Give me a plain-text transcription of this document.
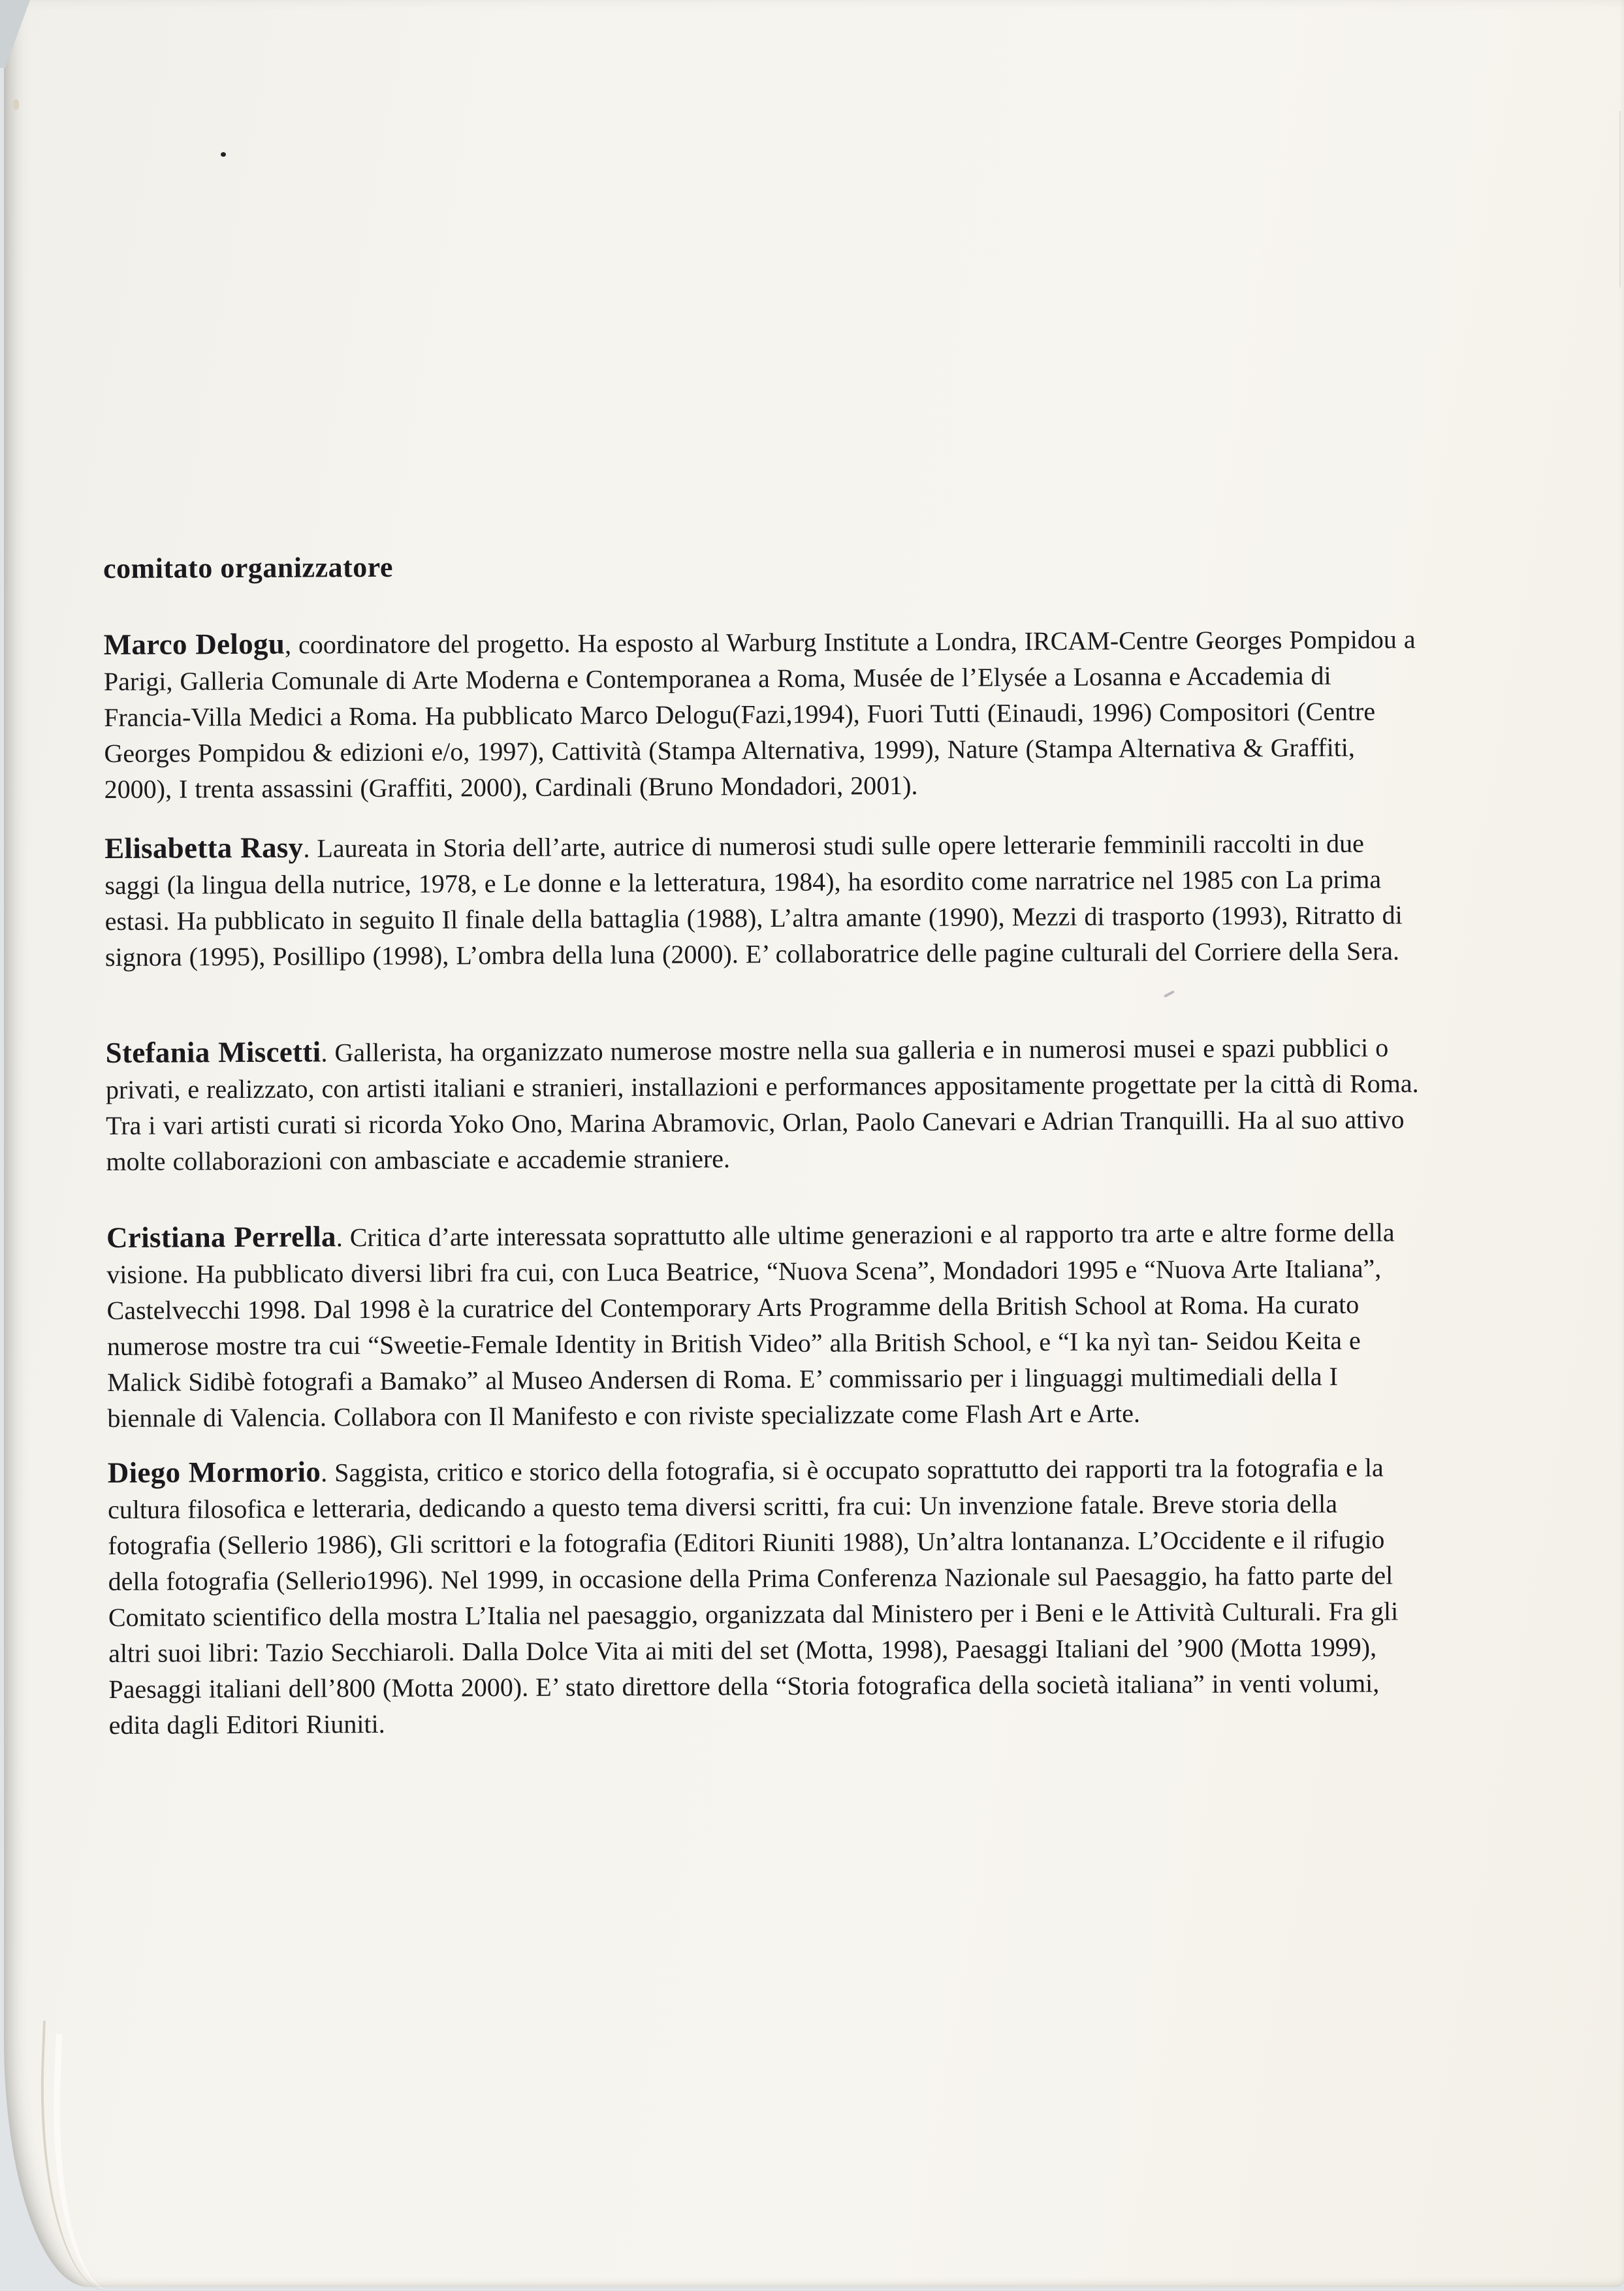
comitato organizzatore

Marco Delogu, coordinatore del progetto. Ha esposto al Warburg Institute a Londra, IRCAM-Centre Georges Pompidou a Parigi, Galleria Comunale di Arte Moderna e Contemporanea a Roma, Musée de l’Elysée a Losanna e Accademia di Francia-Villa Medici a Roma. Ha pubblicato Marco Delogu(Fazi,1994), Fuori Tutti (Einaudi, 1996) Compositori (Centre Georges Pompidou & edizioni e/o, 1997), Cattività (Stampa Alternativa, 1999), Nature (Stampa Alternativa & Graffiti, 2000), I trenta assassini (Graffiti, 2000), Cardinali (Bruno Mondadori, 2001).

Elisabetta Rasy. Laureata in Storia dell’arte, autrice di numerosi studi sulle opere letterarie femminili raccolti in due saggi (la lingua della nutrice, 1978, e Le donne e la letteratura, 1984), ha esordito come narratrice nel 1985 con La prima estasi. Ha pubblicato in seguito Il finale della battaglia (1988), L’altra amante (1990), Mezzi di trasporto (1993), Ritratto di signora (1995), Posillipo (1998), L’ombra della luna (2000). E’ collaboratrice delle pagine culturali del Corriere della Sera.

Stefania Miscetti. Gallerista, ha organizzato numerose mostre nella sua galleria e in numerosi musei e spazi pubblici o privati, e realizzato, con artisti italiani e stranieri, installazioni e performances appositamente progettate per la città di Roma. Tra i vari artisti curati si ricorda Yoko Ono, Marina Abramovic, Orlan, Paolo Canevari e Adrian Tranquilli. Ha al suo attivo molte collaborazioni con ambasciate e accademie straniere.

Cristiana Perrella. Critica d’arte interessata soprattutto alle ultime generazioni e al rapporto tra arte e altre forme della visione. Ha pubblicato diversi libri fra cui, con Luca Beatrice, “Nuova Scena”, Mondadori 1995 e “Nuova Arte Italiana”, Castelvecchi 1998. Dal 1998 è la curatrice del Contemporary Arts Programme della British School at Roma. Ha curato numerose mostre tra cui “Sweetie-Female Identity in British Video” alla British School, e “I ka nyì tan- Seidou Keita e Malick Sidibè fotografi a Bamako” al Museo Andersen di Roma. E’ commissario per i linguaggi multimediali della I biennale di Valencia. Collabora con Il Manifesto e con riviste specializzate come Flash Art e Arte.

Diego Mormorio. Saggista, critico e storico della fotografia, si è occupato soprattutto dei rapporti tra la fotografia e la cultura filosofica e letteraria, dedicando a questo tema diversi scritti, fra cui: Un invenzione fatale. Breve storia della fotografia (Sellerio 1986), Gli scrittori e la fotografia (Editori Riuniti 1988), Un’altra lontananza. L’Occidente e il rifugio della fotografia (Sellerio1996). Nel 1999, in occasione della Prima Conferenza Nazionale sul Paesaggio, ha fatto parte del Comitato scientifico della mostra L’Italia nel paesaggio, organizzata dal Ministero per i Beni e le Attività Culturali. Fra gli altri suoi libri: Tazio Secchiaroli. Dalla Dolce Vita ai miti del set (Motta, 1998), Paesaggi Italiani del ’900 (Motta 1999), Paesaggi italiani dell’800 (Motta 2000). E’ stato direttore della “Storia fotografica della società italiana” in venti volumi, edita dagli Editori Riuniti.
